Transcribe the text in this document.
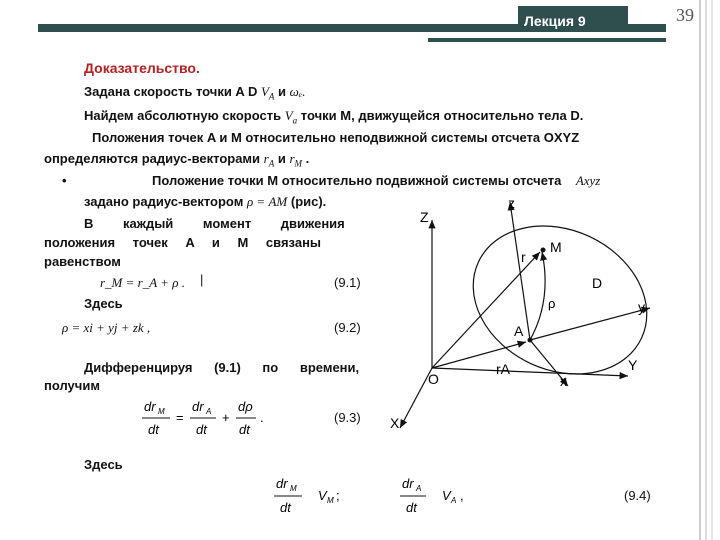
Лекция 9	39
Доказательство.
Задана скорость точки A D $V_A$ и ωₑ.
Найдем абсолютную скорость $V_a$ точки M, движущейся относительно тела D.
Положения точек A и M относительно неподвижной системы отсчета OXYZ
определяются радиус-векторами $r_A$ и $r_M$ .
•	Положение точки M относительно подвижной системы отсчета Axyz
задано радиус-вектором ρ = AM (рис).
В каждый момент движения
положения точек A и M связаны
равенством
r_M = r_A + ρ . |	(9.1)
Здесь
ρ = xi + yj + zk ,	(9.2)
Дифференцируя (9.1) по времени,
получим
dr M
dt
=
dr A
dt
+
dρ
dt
.	(9.3)
Здесь
dr M
dt
V M ;
dr A
dt
V A ,	(9.4)
Z
z
M
D
y
A
O
Y
X
x
rA
r
ρ
